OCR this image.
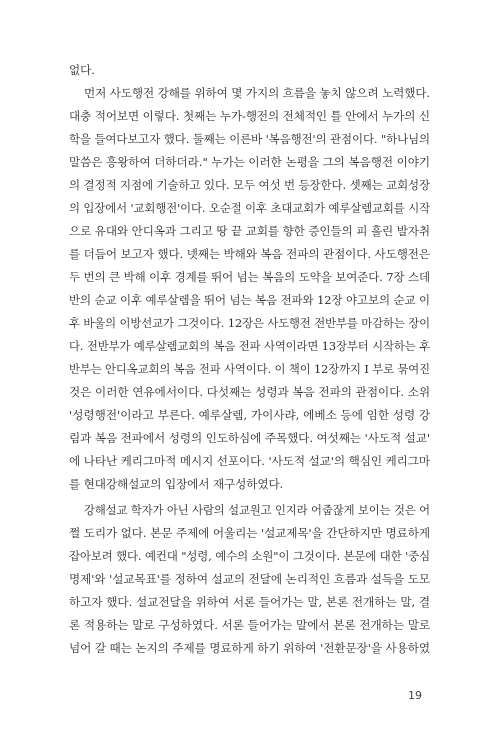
없다.
먼저 사도행전 강해를 위하여 몇 가지의 흐름을 놓치 않으려 노력했다.
대충 적어보면 이렇다. 첫째는 누가-행전의 전체적인 틀 안에서 누가의 신
학을 들여다보고자 했다. 둘째는 이른바 '복음행전'의 관점이다. "하나님의
말씀은 흥왕하여 더하더라." 누가는 이러한 논평을 그의 복음행전 이야기
의 결정적 지점에 기술하고 있다. 모두 여섯 번 등장한다. 셋째는 교회성장
의 입장에서 '교회행전'이다. 오순절 이후 초대교회가 예루살렘교회를 시작
으로 유대와 안디옥과 그리고 땅 끝 교회를 향한 증인들의 피 흘린 발자취
를 더듬어 보고자 했다. 넷째는 박해와 복음 전파의 관점이다. 사도행전은
두 번의 큰 박해 이후 경계를 뛰어 넘는 복음의 도약을 보여준다. 7장 스데
반의 순교 이후 예루살렘을 뛰어 넘는 복음 전파와 12장 야고보의 순교 이
후 바울의 이방선교가 그것이다. 12장은 사도행전 전반부를 마감하는 장이
다. 전반부가 예루살렘교회의 복음 전파 사역이라면 13장부터 시작하는 후
반부는 안디옥교회의 복음 전파 사역이다. 이 책이 12장까지 I 부로 묶여진
것은 이러한 연유에서이다. 다섯째는 성령과 복음 전파의 관점이다. 소위
'성령행전'이라고 부른다. 예루살렘, 가이사랴, 에베소 등에 임한 성령 강
림과 복음 전파에서 성령의 인도하심에 주목했다. 여섯째는 '사도적 설교'
에 나타난 케리그마적 메시지 선포이다. '사도적 설교'의 핵심인 케리그마
를 현대강해설교의 입장에서 재구성하였다.
강해설교 학자가 아닌 사람의 설교원고 인지라 어줍잖게 보이는 것은 어
쩔 도리가 없다. 본문 주제에 어울리는 '설교제목'을 간단하지만 명료하게
잡아보려 했다. 예컨대 "성령, 예수의 소원"이 그것이다. 본문에 대한 '중심
명제'와 '설교목표'를 정하여 설교의 전달에 논리적인 흐름과 설득을 도모
하고자 했다. 설교전달을 위하여 서론 들어가는 말, 본론 전개하는 말, 결
론 적용하는 말로 구성하였다. 서론 들어가는 말에서 본론 전개하는 말로
넘어 갈 때는 논지의 주제를 명료하게 하기 위하여 '전환문장'을 사용하였
19
